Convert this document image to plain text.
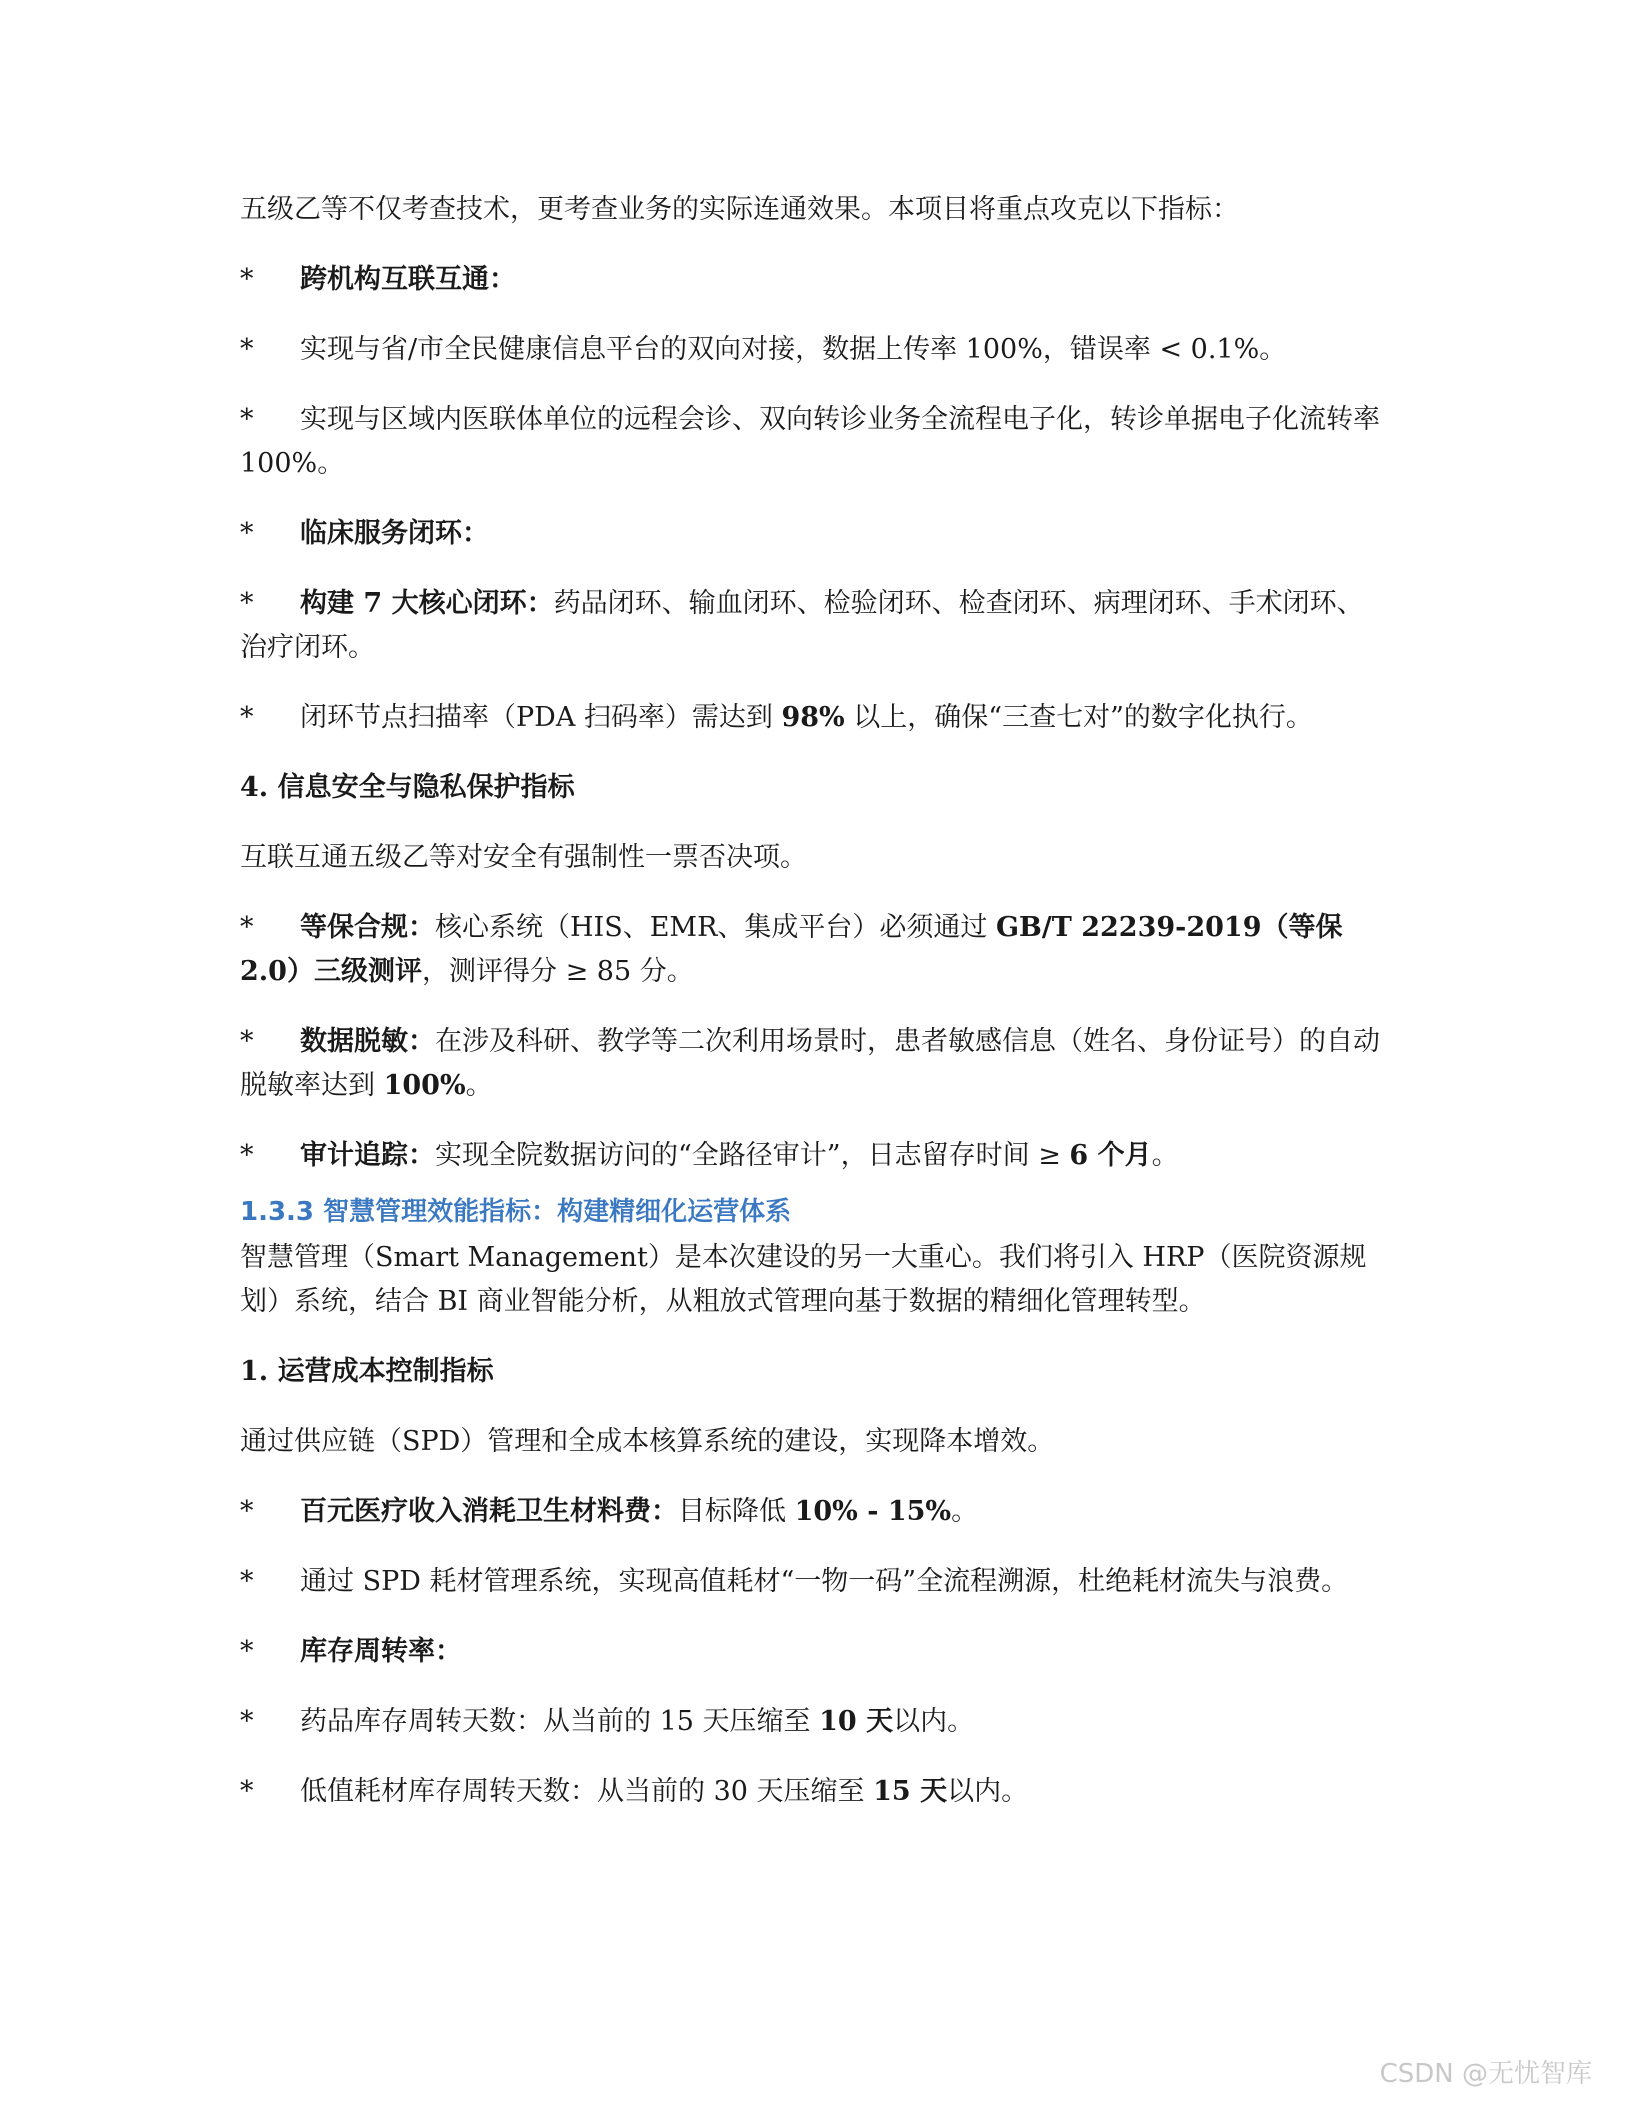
五级乙等不仅考查技术，更考查业务的实际连通效果。本项目将重点攻克以下指标：

*	跨机构互联互通：

*	实现与省/市全民健康信息平台的双向对接，数据上传率 100%，错误率 < 0.1%。

* 实现与区域内医联体单位的远程会诊、双向转诊业务全流程电子化，转诊单据电子化流转率 100%。

*	临床服务闭环：

* 构建 7 大核心闭环：药品闭环、输血闭环、检验闭环、检查闭环、病理闭环、手术闭环、治疗闭环。

* 闭环节点扫描率（PDA 扫码率）需达到 98% 以上，确保“三查七对”的数字化执行。

4. 信息安全与隐私保护指标

互联互通五级乙等对安全有强制性一票否决项。

* 等保合规：核心系统（HIS、EMR、集成平台）必须通过 GB/T 22239-2019（等保 2.0）三级测评，测评得分 ≥ 85 分。

* 数据脱敏：在涉及科研、教学等二次利用场景时，患者敏感信息（姓名、身份证号）的自动脱敏率达到 100%。

* 审计追踪：实现全院数据访问的“全路径审计”，日志留存时间 ≥ 6 个月。

1.3.3 智慧管理效能指标：构建精细化运营体系

智慧管理（Smart Management）是本次建设的另一大重心。我们将引入 HRP（医院资源规划）系统，结合 BI 商业智能分析，从粗放式管理向基于数据的精细化管理转型。

1. 运营成本控制指标

通过供应链（SPD）管理和全成本核算系统的建设，实现降本增效。

* 百元医疗收入消耗卫生材料费：目标降低 10% - 15%。

* 通过 SPD 耗材管理系统，实现高值耗材“一物一码”全流程溯源，杜绝耗材流失与浪费。

*	库存周转率：

* 药品库存周转天数：从当前的 15 天压缩至 10 天以内。

* 低值耗材库存周转天数：从当前的 30 天压缩至 15 天以内。

CSDN @无忧智库
